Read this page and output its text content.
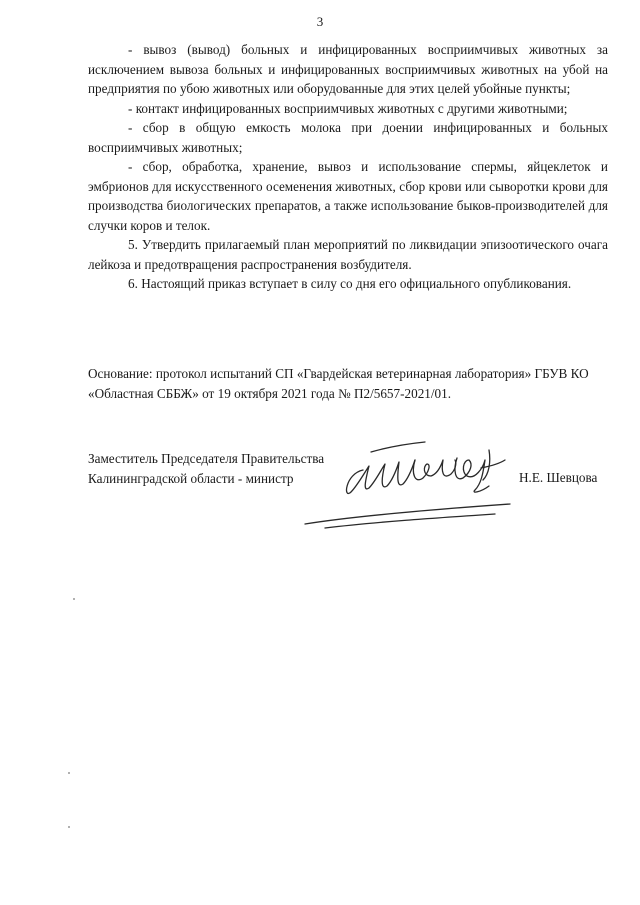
3

- вывоз (вывод) больных и инфицированных восприимчивых животных за исключением вывоза больных и инфицированных восприимчивых животных на убой на предприятия по убою животных или оборудованные для этих целей убойные пункты;

- контакт инфицированных восприимчивых животных с другими животными;

- сбор в общую емкость молока при доении инфицированных и больных восприимчивых животных;

- сбор, обработка, хранение, вывоз и использование спермы, яйцеклеток и эмбрионов для искусственного осеменения животных, сбор крови или сыворотки крови для производства биологических препаратов, а также использование быков-производителей для случки коров и телок.

5. Утвердить прилагаемый план мероприятий по ликвидации эпизоотического очага лейкоза и предотвращения распространения возбудителя.

6. Настоящий приказ вступает в силу со дня его официального опубликования.

Основание: протокол испытаний СП «Гвардейская ветеринарная лаборатория» ГБУВ КО «Областная СББЖ» от 19 октября 2021 года № П2/5657-2021/01.

Заместитель Председателя Правительства
Калининградской области - министр	Н.Е. Шевцова
